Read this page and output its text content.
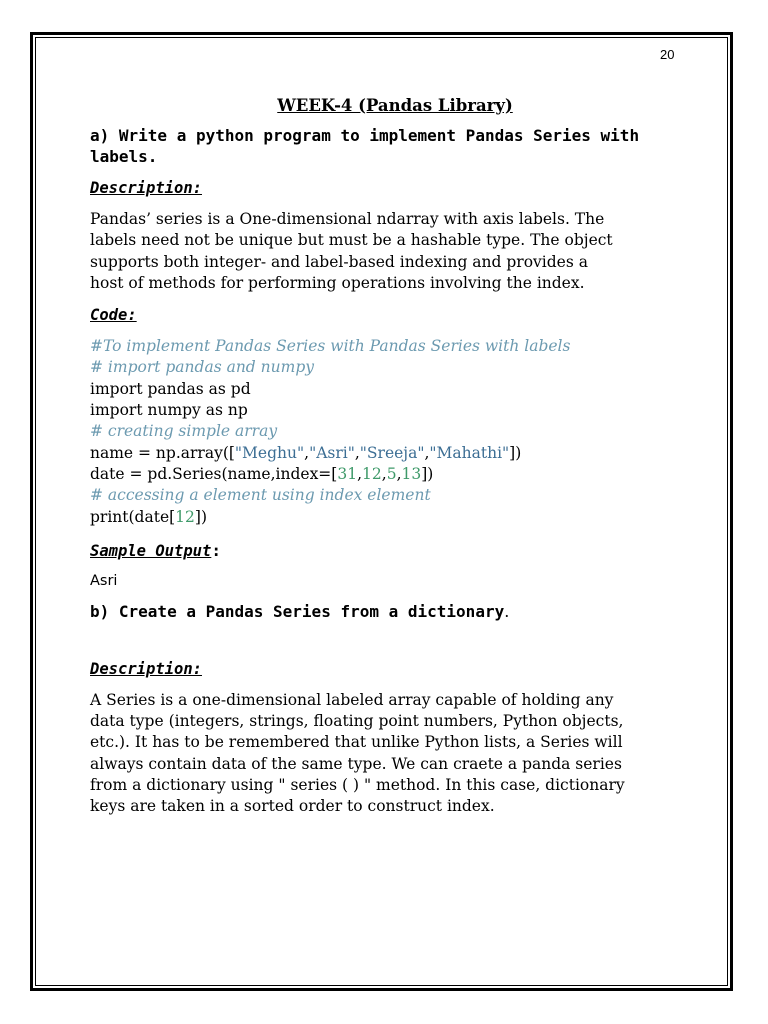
20
WEEK-4 (Pandas Library)

a) Write a python program to implement Pandas Series with labels.

Description:

Pandas’ series is a One-dimensional ndarray with axis labels. The

labels need not be unique but must be a hashable type. The object

supports both integer- and label-based indexing and provides a

host of methods for performing operations involving the index.

Code:

#To implement Pandas Series with Pandas Series with labels

# import pandas and numpy

import pandas as pd

import numpy as np

# creating simple array

name = np.array(["Meghu","Asri","Sreeja","Mahathi"])

date = pd.Series(name,index=[31,12,5,13])

# accessing a element using index element

print(date[12])

Sample Output:

Asri

b) Create a Pandas Series from a dictionary.

Description:

A Series is a one-dimensional labeled array capable of holding any

data type (integers, strings, floating point numbers, Python objects,

etc.). It has to be remembered that unlike Python lists, a Series will

always contain data of the same type. We can craete a panda series

from a dictionary using " series ( ) " method. In this case, dictionary

keys are taken in a sorted order to construct index.
